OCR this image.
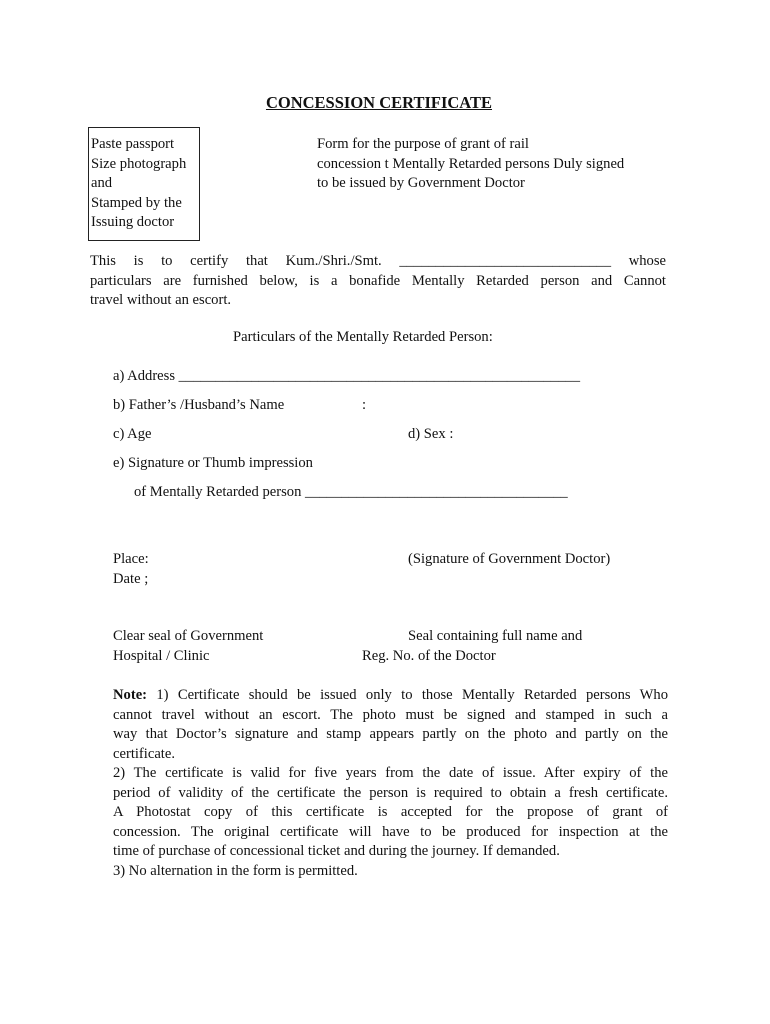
CONCESSION CERTIFICATE
Paste passport
Size photograph
and
Stamped by the
Issuing doctor
Form for the purpose of grant of rail
concession t Mentally Retarded persons Duly signed
to be issued by Government Doctor
This is to certify that Kum./Shri./Smt. _____________________________ whose
particulars are furnished below, is a bonafide Mentally Retarded person and Cannot
travel without an escort.
Particulars of the Mentally Retarded Person:
a) Address _______________________________________________________
b) Father’s /Husband’s Name	:
c) Age	d) Sex :
e) Signature or Thumb impression
of Mentally Retarded person ____________________________________
Place:
Date ;
(Signature of Government Doctor)
Clear seal of Government
Hospital / Clinic
Seal containing full name and
Reg. No. of the Doctor
Note: 1) Certificate should be issued only to those Mentally Retarded persons Who
cannot travel without an escort. The photo must be signed and stamped in such a
way that Doctor’s signature and stamp appears partly on the photo and partly on the
certificate.
2) The certificate is valid for five years from the date of issue. After expiry of the
period of validity of the certificate the person is required to obtain a fresh certificate.
A Photostat copy of this certificate is accepted for the propose of grant of
concession. The original certificate will have to be produced for inspection at the
time of purchase of concessional ticket and during the journey. If demanded.
3) No alternation in the form is permitted.
